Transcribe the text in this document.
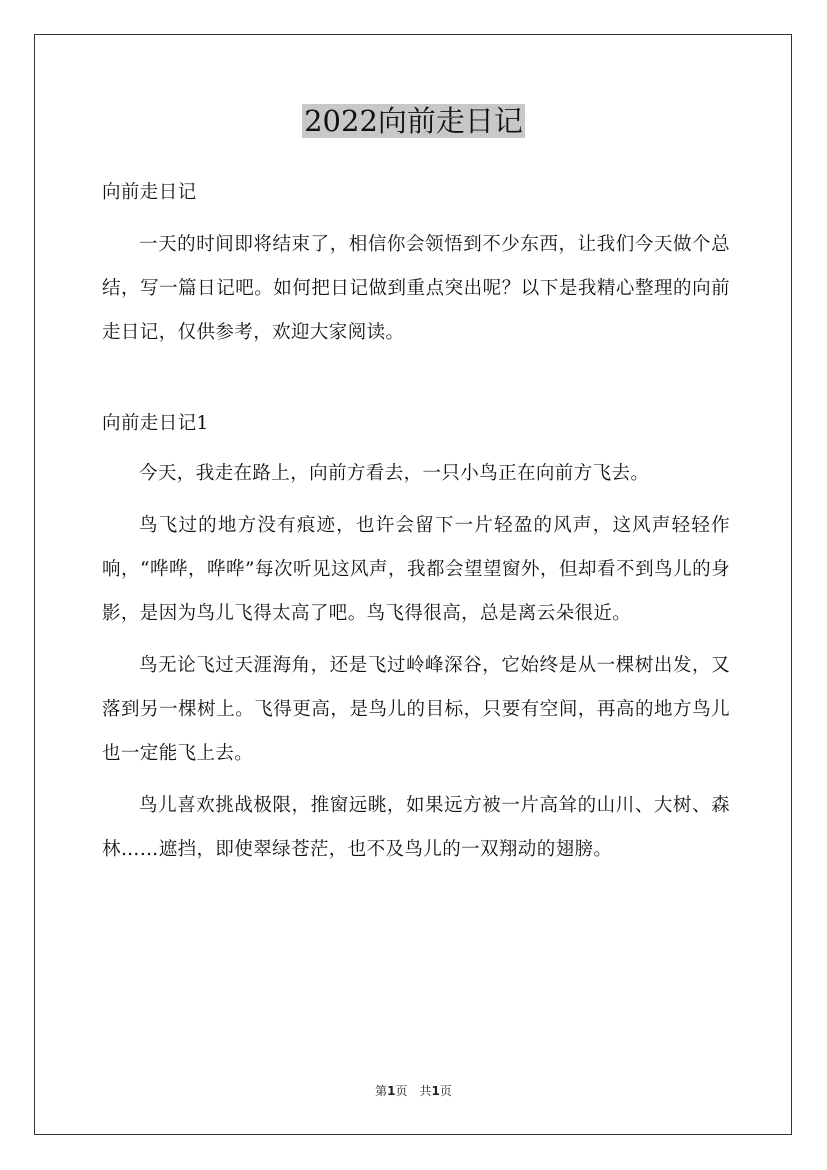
2022向前走日记

向前走日记

一天的时间即将结束了，相信你会领悟到不少东西，让我们今天做个总结，写一篇日记吧。如何把日记做到重点突出呢？以下是我精心整理的向前走日记，仅供参考，欢迎大家阅读。

向前走日记1

今天，我走在路上，向前方看去，一只小鸟正在向前方飞去。

鸟飞过的地方没有痕迹，也许会留下一片轻盈的风声，这风声轻轻作响，“哗哗，哗哗”每次听见这风声，我都会望望窗外，但却看不到鸟儿的身影，是因为鸟儿飞得太高了吧。鸟飞得很高，总是离云朵很近。

鸟无论飞过天涯海角，还是飞过岭峰深谷，它始终是从一棵树出发，又落到另一棵树上。飞得更高，是鸟儿的目标，只要有空间，再高的地方鸟儿也一定能飞上去。

鸟儿喜欢挑战极限，推窗远眺，如果远方被一片高耸的山川、大树、森林……遮挡，即使翠绿苍茫，也不及鸟儿的一双翔动的翅膀。

第1页　共1页
